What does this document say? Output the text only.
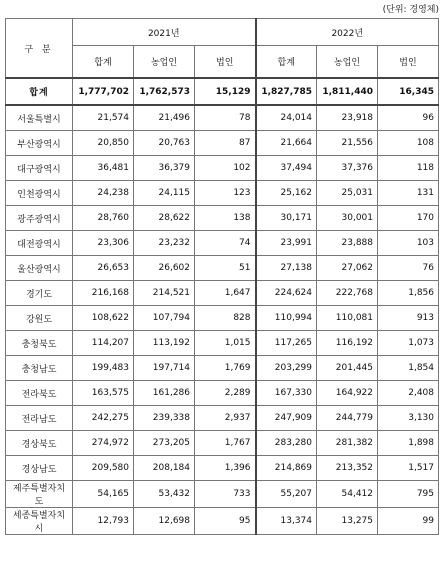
(단위: 경영체)
구 분	2021년			2022년		
	합계	농업인	법인	합계	농업인	법인
합계	1,777,702	1,762,573	15,129	1,827,785	1,811,440	16,345
서울특별시	21,574	21,496	78	24,014	23,918	96
부산광역시	20,850	20,763	87	21,664	21,556	108
대구광역시	36,481	36,379	102	37,494	37,376	118
인천광역시	24,238	24,115	123	25,162	25,031	131
광주광역시	28,760	28,622	138	30,171	30,001	170
대전광역시	23,306	23,232	74	23,991	23,888	103
울산광역시	26,653	26,602	51	27,138	27,062	76
경기도	216,168	214,521	1,647	224,624	222,768	1,856
강원도	108,622	107,794	828	110,994	110,081	913
충청북도	114,207	113,192	1,015	117,265	116,192	1,073
충청남도	199,483	197,714	1,769	203,299	201,445	1,854
전라북도	163,575	161,286	2,289	167,330	164,922	2,408
전라남도	242,275	239,338	2,937	247,909	244,779	3,130
경상북도	274,972	273,205	1,767	283,280	281,382	1,898
경상남도	209,580	208,184	1,396	214,869	213,352	1,517
제주특별자치도	54,165	53,432	733	55,207	54,412	795
세종특별자치시	12,793	12,698	95	13,374	13,275	99
